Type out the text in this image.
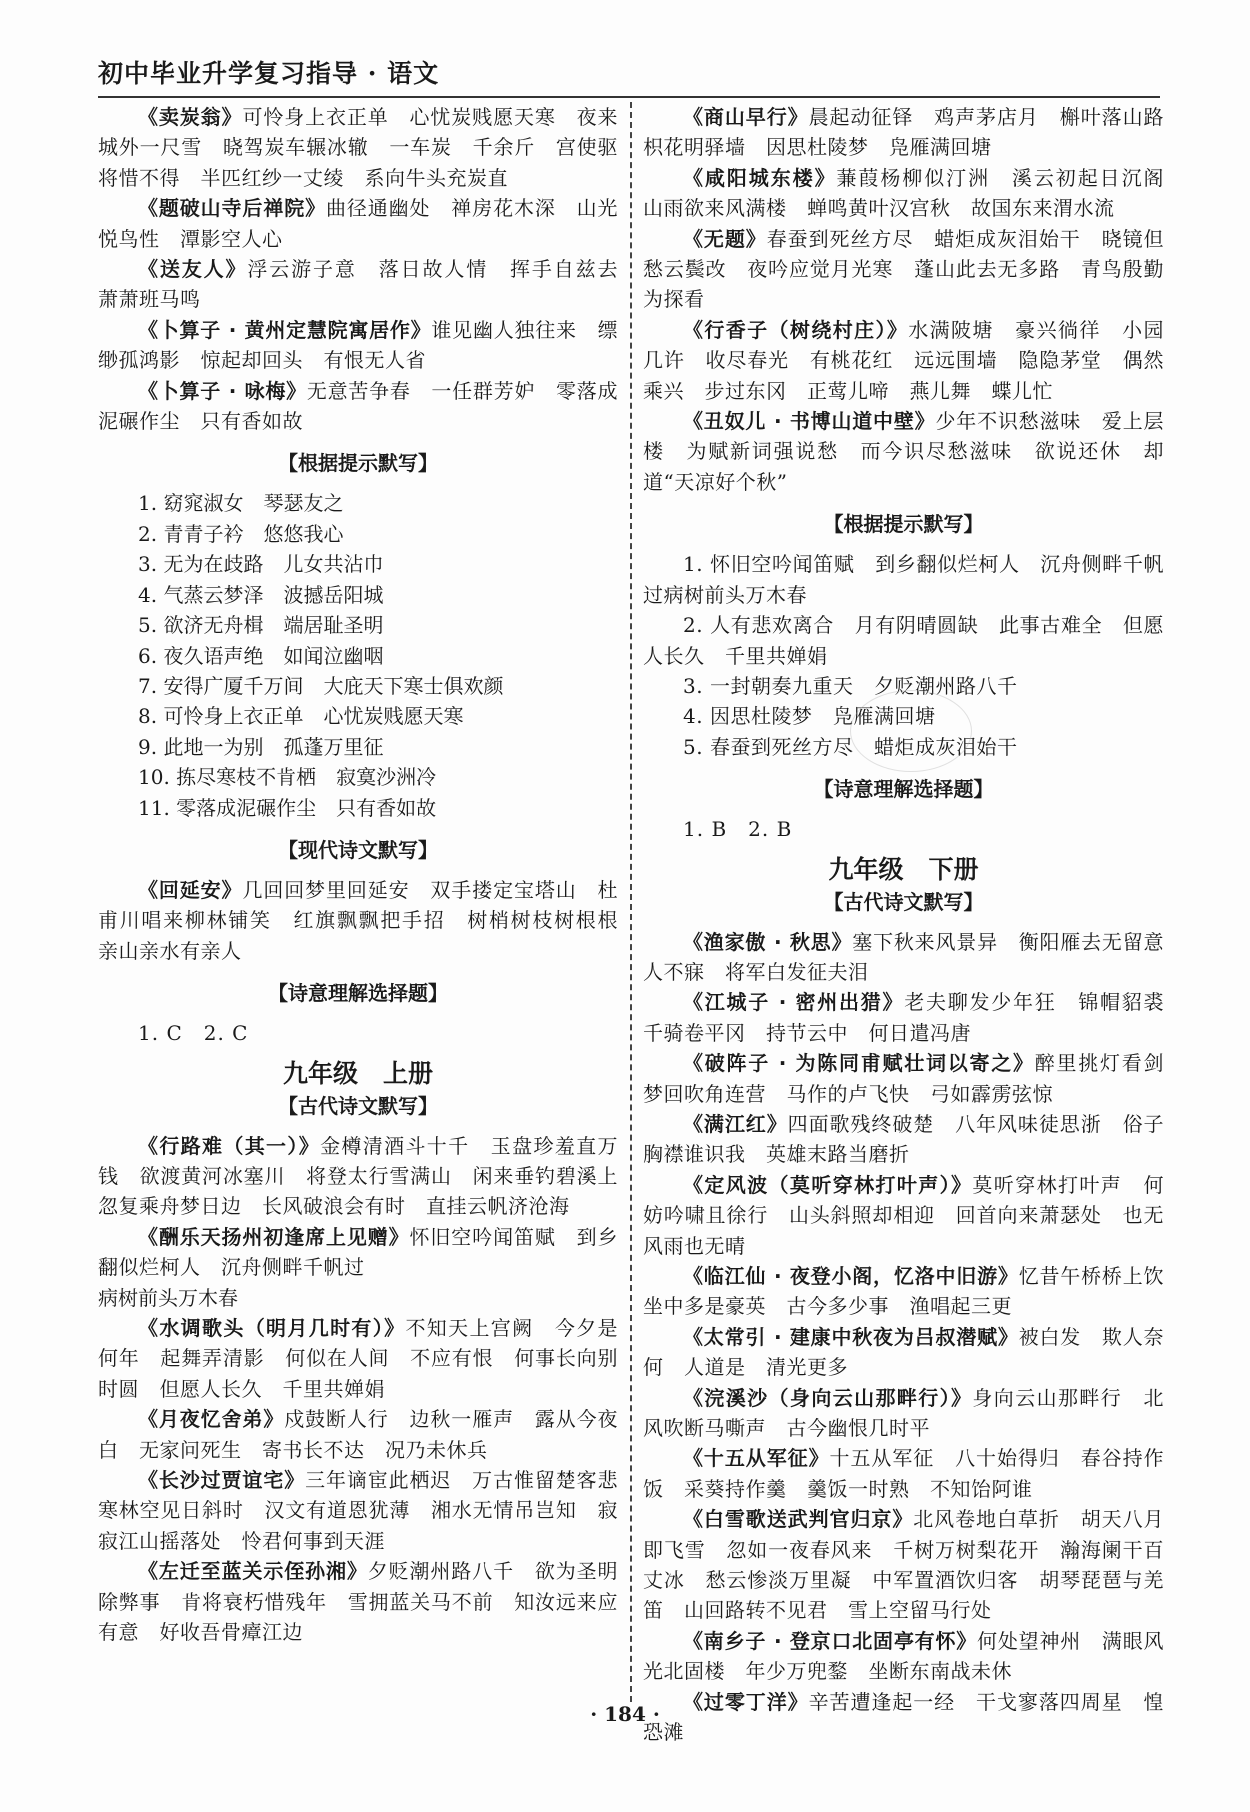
初中毕业升学复习指导 · 语文

《卖炭翁》可怜身上衣正单　心忧炭贱愿天寒　夜来城外一尺雪　晓驾炭车辗冰辙　一车炭　千余斤　宫使驱将惜不得　半匹红纱一丈绫　系向牛头充炭直

《题破山寺后禅院》曲径通幽处　禅房花木深　山光悦鸟性　潭影空人心

《送友人》浮云游子意　落日故人情　挥手自兹去　萧萧班马鸣

《卜算子 · 黄州定慧院寓居作》谁见幽人独往来　缥缈孤鸿影　惊起却回头　有恨无人省

《卜算子 · 咏梅》无意苦争春　一任群芳妒　零落成泥碾作尘　只有香如故

【根据提示默写】
1. 窈窕淑女　琴瑟友之
2. 青青子衿　悠悠我心
3. 无为在歧路　儿女共沾巾
4. 气蒸云梦泽　波撼岳阳城
5. 欲济无舟楫　端居耻圣明
6. 夜久语声绝　如闻泣幽咽
7. 安得广厦千万间　大庇天下寒士俱欢颜
8. 可怜身上衣正单　心忧炭贱愿天寒
9. 此地一为别　孤蓬万里征
10. 拣尽寒枝不肯栖　寂寞沙洲冷
11. 零落成泥碾作尘　只有香如故
【现代诗文默写】

《回延安》几回回梦里回延安　双手搂定宝塔山　杜甫川唱来柳林铺笑　红旗飘飘把手招　树梢树枝树根根　亲山亲水有亲人

【诗意理解选择题】
1. C　2. C
九年级　上册
【古代诗文默写】

《行路难（其一）》金樽清酒斗十千　玉盘珍羞直万钱　欲渡黄河冰塞川　将登太行雪满山　闲来垂钓碧溪上　忽复乘舟梦日边　长风破浪会有时　直挂云帆济沧海

《酬乐天扬州初逢席上见赠》怀旧空吟闻笛赋　到乡翻似烂柯人　沉舟侧畔千帆过

病树前头万木春

《水调歌头（明月几时有）》不知天上宫阙　今夕是何年　起舞弄清影　何似在人间　不应有恨　何事长向别时圆　但愿人长久　千里共婵娟

《月夜忆舍弟》戍鼓断人行　边秋一雁声　露从今夜白　无家问死生　寄书长不达　况乃未休兵

《长沙过贾谊宅》三年谪宦此栖迟　万古惟留楚客悲　寒林空见日斜时　汉文有道恩犹薄　湘水无情吊岂知　寂寂江山摇落处　怜君何事到天涯

《左迁至蓝关示侄孙湘》夕贬潮州路八千　欲为圣明除弊事　肯将衰朽惜残年　雪拥蓝关马不前　知汝远来应有意　好收吾骨瘴江边

《商山早行》晨起动征铎　鸡声茅店月　槲叶落山路　枳花明驿墙　因思杜陵梦　凫雁满回塘

《咸阳城东楼》蒹葭杨柳似汀洲　溪云初起日沉阁　山雨欲来风满楼　蝉鸣黄叶汉宫秋　故国东来渭水流

《无题》春蚕到死丝方尽　蜡炬成灰泪始干　晓镜但愁云鬓改　夜吟应觉月光寒　蓬山此去无多路　青鸟殷勤为探看

《行香子（树绕村庄）》水满陂塘　豪兴徜徉　小园几许　收尽春光　有桃花红　远远围墙　隐隐茅堂　偶然乘兴　步过东冈　正莺儿啼　燕儿舞　蝶儿忙

《丑奴儿 · 书博山道中壁》少年不识愁滋味　爱上层楼　为赋新词强说愁　而今识尽愁滋味　欲说还休　却道“天凉好个秋”

【根据提示默写】

1. 怀旧空吟闻笛赋　到乡翻似烂柯人　沉舟侧畔千帆过病树前头万木春

2. 人有悲欢离合　月有阴晴圆缺　此事古难全　但愿人长久　千里共婵娟

3. 一封朝奏九重天　夕贬潮州路八千

4. 因思杜陵梦　凫雁满回塘

5. 春蚕到死丝方尽　蜡炬成灰泪始干

【诗意理解选择题】
1. B　2. B
九年级　下册
【古代诗文默写】

《渔家傲 · 秋思》塞下秋来风景异　衡阳雁去无留意　人不寐　将军白发征夫泪

《江城子 · 密州出猎》老夫聊发少年狂　锦帽貂裘　千骑卷平冈　持节云中　何日遣冯唐

《破阵子 · 为陈同甫赋壮词以寄之》醉里挑灯看剑　梦回吹角连营　马作的卢飞快　弓如霹雳弦惊

《满江红》四面歌残终破楚　八年风味徒思浙　俗子胸襟谁识我　英雄末路当磨折

《定风波（莫听穿林打叶声）》莫听穿林打叶声　何妨吟啸且徐行　山头斜照却相迎　回首向来萧瑟处　也无风雨也无晴

《临江仙 · 夜登小阁，忆洛中旧游》忆昔午桥桥上饮　坐中多是豪英　古今多少事　渔唱起三更

《太常引 · 建康中秋夜为吕叔潜赋》被白发　欺人奈何　人道是　清光更多

《浣溪沙（身向云山那畔行）》身向云山那畔行　北风吹断马嘶声　古今幽恨几时平

《十五从军征》十五从军征　八十始得归　春谷持作饭　采葵持作羹　羹饭一时熟　不知饴阿谁

《白雪歌送武判官归京》北风卷地白草折　胡天八月即飞雪　忽如一夜春风来　千树万树梨花开　瀚海阑干百丈冰　愁云惨淡万里凝　中军置酒饮归客　胡琴琵琶与羌笛　山回路转不见君　雪上空留马行处

《南乡子 · 登京口北固亭有怀》何处望神州　满眼风光北固楼　年少万兜鍪　坐断东南战未休

《过零丁洋》辛苦遭逢起一经　干戈寥落四周星　惶恐滩

· 184 ·
